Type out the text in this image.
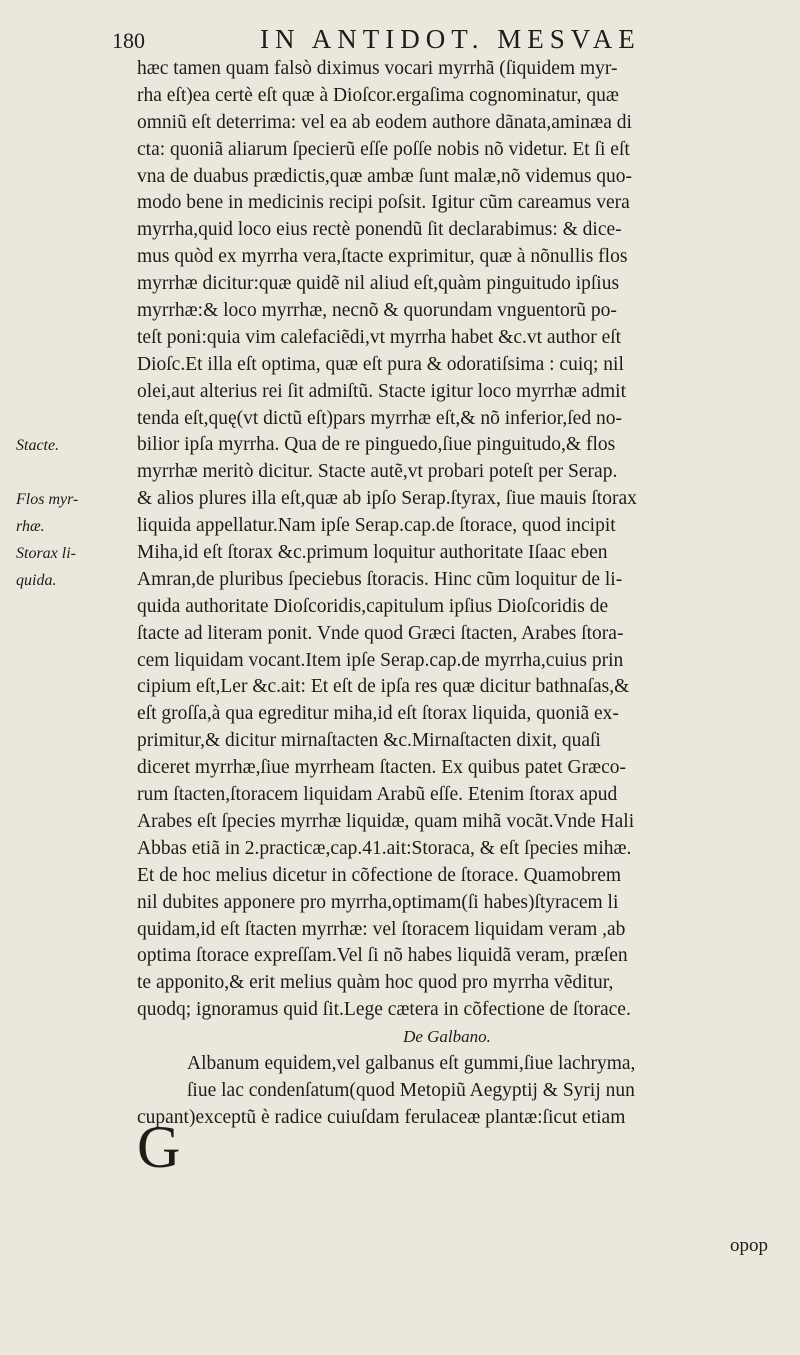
180	IN ANTIDOT. MESVAE
hæc tamen quam falsò diximus vocari myrrhã (ſiquidem myr-
rha eſt)ea certè eſt quæ à Dioſcor.ergaſima cognominatur, quæ
omniũ eſt deterrima: vel ea ab eodem authore dãnata,aminæa di
cta: quoniã aliarum ſpecierũ eſſe poſſe nobis nõ videtur. Et ſi eſt
vna de duabus prædictis,quæ ambæ ſunt malæ,nõ videmus quo-
modo bene in medicinis recipi poſsit. Igitur cũm careamus vera
myrrha,quid loco eius rectè ponendũ ſit declarabimus: & dice-
mus quòd ex myrrha vera,ſtacte exprimitur, quæ à nõnullis flos
myrrhæ dicitur:quæ quidẽ nil aliud eſt,quàm pinguitudo ipſius
myrrhæ:& loco myrrhæ, necnõ & quorundam vnguentorũ po-
teſt poni:quia vim calefaciẽdi,vt myrrha habet &c.vt author eſt
Dioſc.Et illa eſt optima, quæ eſt pura & odoratiſsima : cuiq; nil
olei,aut alterius rei ſit admiſtũ. Stacte igitur loco myrrhæ admit
tenda eſt,quę(vt dictũ eſt)pars myrrhæ eſt,& nõ inferior,ſed no-
bilior ipſa myrrha. Qua de re pinguedo,ſiue pinguitudo,& flos
myrrhæ meritò dicitur. Stacte autẽ,vt probari poteſt per Serap.
& alios plures illa eſt,quæ ab ipſo Serap.ſtyrax, ſiue mauis ſtorax
liquida appellatur.Nam ipſe Serap.cap.de ſtorace, quod incipit
Miha,id eſt ſtorax &c.primum loquitur authoritate Iſaac eben
Amran,de pluribus ſpeciebus ſtoracis. Hinc cũm loquitur de li-
quida authoritate Dioſcoridis,capitulum ipſius Dioſcoridis de
ſtacte ad literam ponit. Vnde quod Græci ſtacten, Arabes ſtora-
cem liquidam vocant.Item ipſe Serap.cap.de myrrha,cuius prin
cipium eſt,Ler &c.ait: Et eſt de ipſa res quæ dicitur bathnaſas,&
eſt groſſa,à qua egreditur miha,id eſt ſtorax liquida, quoniã ex-
primitur,& dicitur mirnaſtacten &c.Mirnaſtacten dixit, quaſi
diceret myrrhæ,ſiue myrrheam ſtacten. Ex quibus patet Græco-
rum ſtacten,ſtoracem liquidam Arabũ eſſe. Etenim ſtorax apud
Arabes eſt ſpecies myrrhæ liquidæ, quam mihã vocãt.Vnde Hali
Abbas etiã in 2.practicæ,cap.41.ait:Storaca, & eſt ſpecies mihæ.
Et de hoc melius dicetur in cõfectione de ſtorace. Quamobrem
nil dubites apponere pro myrrha,optimam(ſi habes)ſtyracem li
quidam,id eſt ſtacten myrrhæ: vel ſtoracem liquidam veram ,ab
optima ſtorace expreſſam.Vel ſi nõ habes liquidã veram, præſen
te apponito,& erit melius quàm hoc quod pro myrrha vẽditur,
quodq; ignoramus quid ſit.Lege cætera in cõfectione de ſtorace.
De Galbano.
Albanum equidem,vel galbanus eſt gummi,ſiue lachryma,
ſiue lac condenſatum(quod Metopiũ Aegyptij & Syrij nun
cupant)exceptũ è radice cuiuſdam ferulaceæ plantæ:ſicut etiam
Stacte.
Flos myr-
rhæ.
Storax li-
quida.
G
opop
